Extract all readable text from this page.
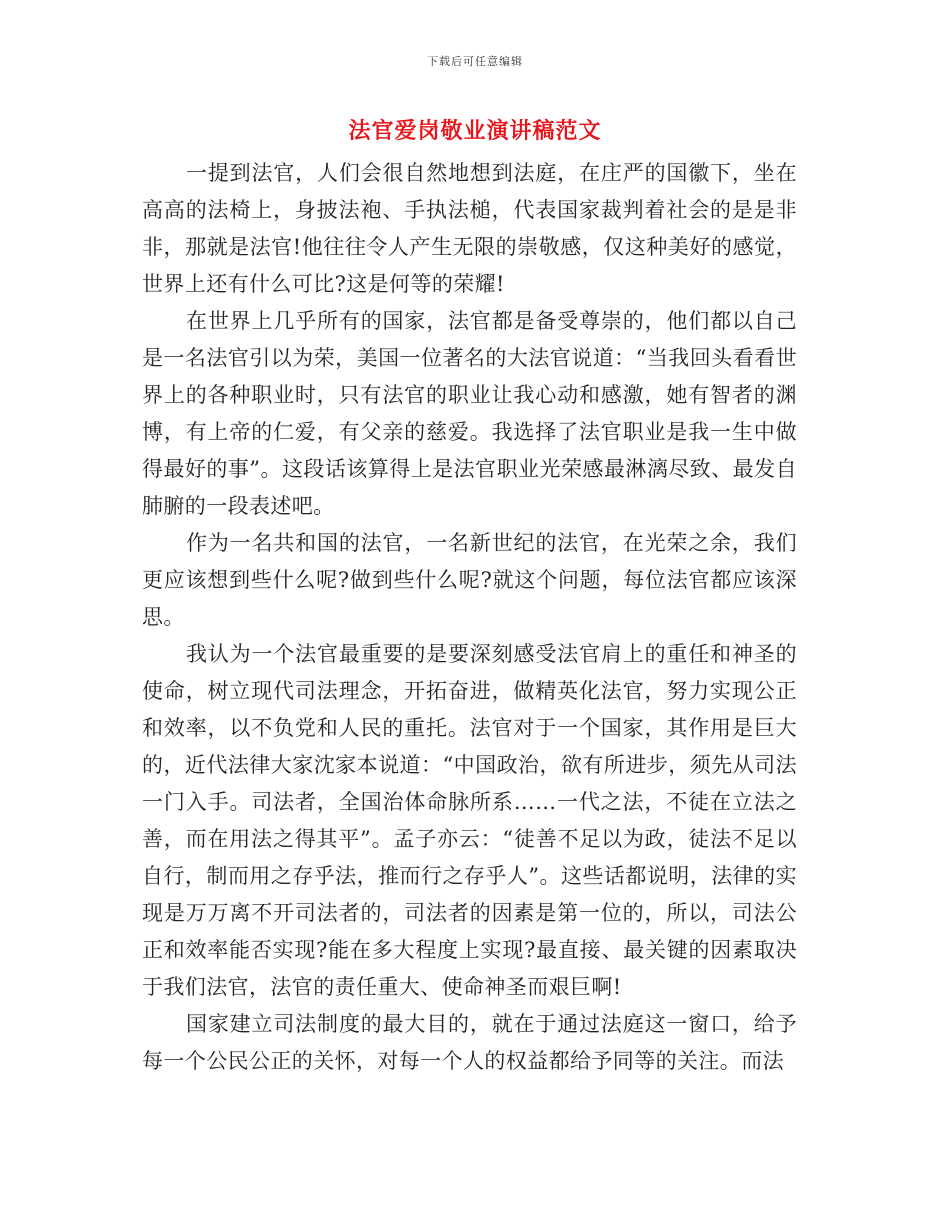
下载后可任意编辑
法官爱岗敬业演讲稿范文

一提到法官，人们会很自然地想到法庭，在庄严的国徽下，坐在高高的法椅上，身披法袍、手执法槌，代表国家裁判着社会的是是非非，那就是法官!他往往令人产生无限的崇敬感，仅这种美好的感觉，世界上还有什么可比?这是何等的荣耀!

在世界上几乎所有的国家，法官都是备受尊崇的，他们都以自己是一名法官引以为荣，美国一位著名的大法官说道：“当我回头看看世界上的各种职业时，只有法官的职业让我心动和感激，她有智者的渊博，有上帝的仁爱，有父亲的慈爱。我选择了法官职业是我一生中做得最好的事”。这段话该算得上是法官职业光荣感最淋漓尽致、最发自肺腑的一段表述吧。

作为一名共和国的法官，一名新世纪的法官，在光荣之余，我们更应该想到些什么呢?做到些什么呢?就这个问题，每位法官都应该深思。

我认为一个法官最重要的是要深刻感受法官肩上的重任和神圣的使命，树立现代司法理念，开拓奋进，做精英化法官，努力实现公正和效率，以不负党和人民的重托。法官对于一个国家，其作用是巨大的，近代法律大家沈家本说道：“中国政治，欲有所进步，须先从司法一门入手。司法者，全国治体命脉所系……一代之法，不徒在立法之善，而在用法之得其平”。孟子亦云：“徒善不足以为政，徒法不足以自行，制而用之存乎法，推而行之存乎人”。这些话都说明，法律的实现是万万离不开司法者的，司法者的因素是第一位的，所以，司法公正和效率能否实现?能在多大程度上实现?最直接、最关键的因素取决于我们法官，法官的责任重大、使命神圣而艰巨啊!

国家建立司法制度的最大目的，就在于通过法庭这一窗口，给予每一个公民公正的关怀，对每一个人的权益都给予同等的关注。而法
